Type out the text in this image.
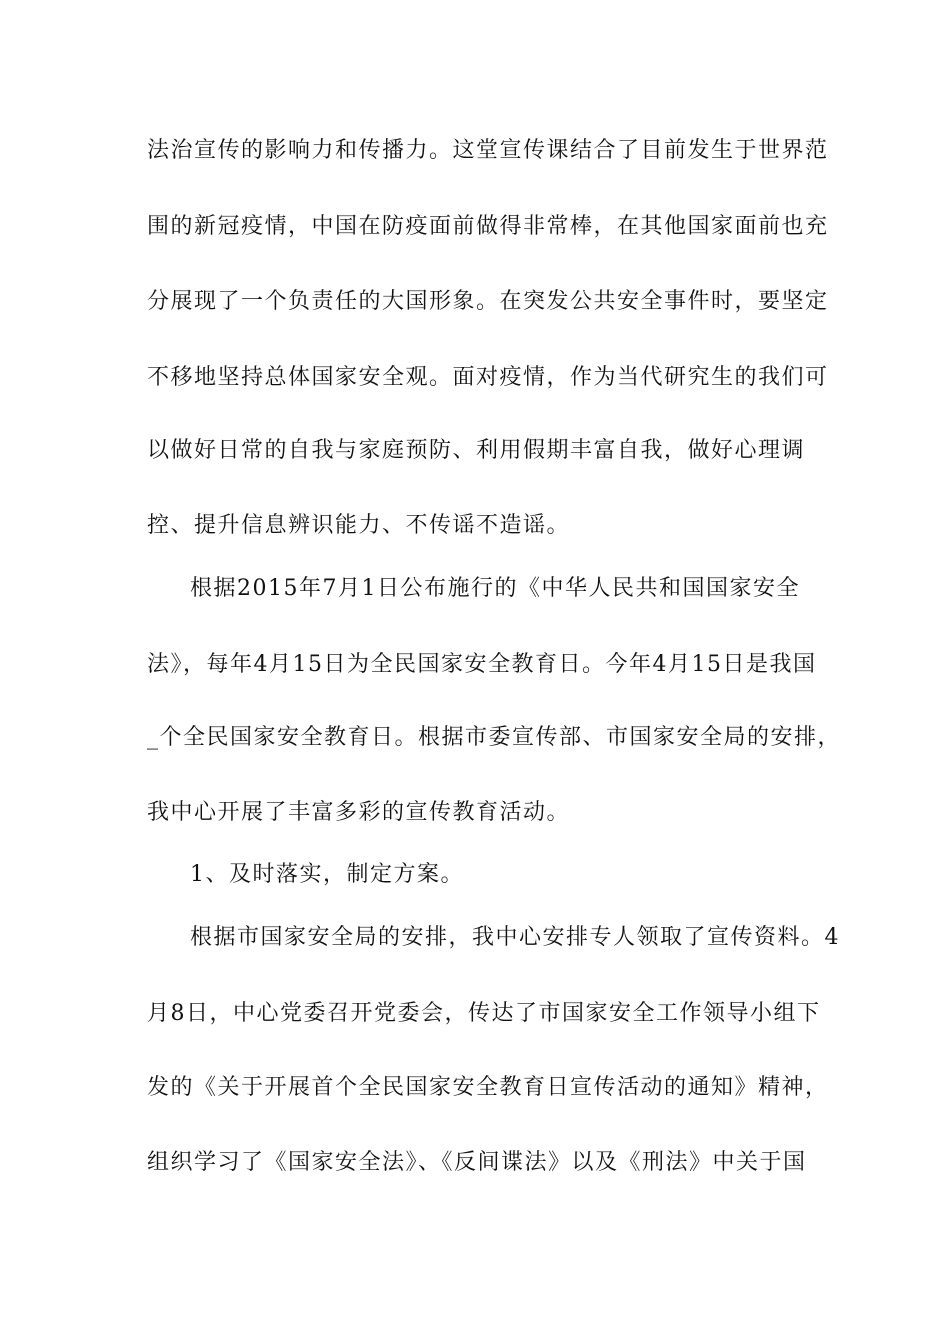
法治宣传的影响力和传播力。这堂宣传课结合了目前发生于世界范
围的新冠疫情，中国在防疫面前做得非常棒，在其他国家面前也充
分展现了一个负责任的大国形象。在突发公共安全事件时，要坚定
不移地坚持总体国家安全观。面对疫情，作为当代研究生的我们可
以做好日常的自我与家庭预防、利用假期丰富自我，做好心理调
控、提升信息辨识能力、不传谣不造谣。
根据2015年7月1日公布施行的《中华人民共和国国家安全
法》，每年4月15日为全民国家安全教育日。今年4月15日是我国
_个全民国家安全教育日。根据市委宣传部、市国家安全局的安排，
我中心开展了丰富多彩的宣传教育活动。
1、及时落实，制定方案。
根据市国家安全局的安排，我中心安排专人领取了宣传资料。4
月8日，中心党委召开党委会，传达了市国家安全工作领导小组下
发的《关于开展首个全民国家安全教育日宣传活动的通知》精神，
组织学习了《国家安全法》、《反间谍法》以及《刑法》中关于国
